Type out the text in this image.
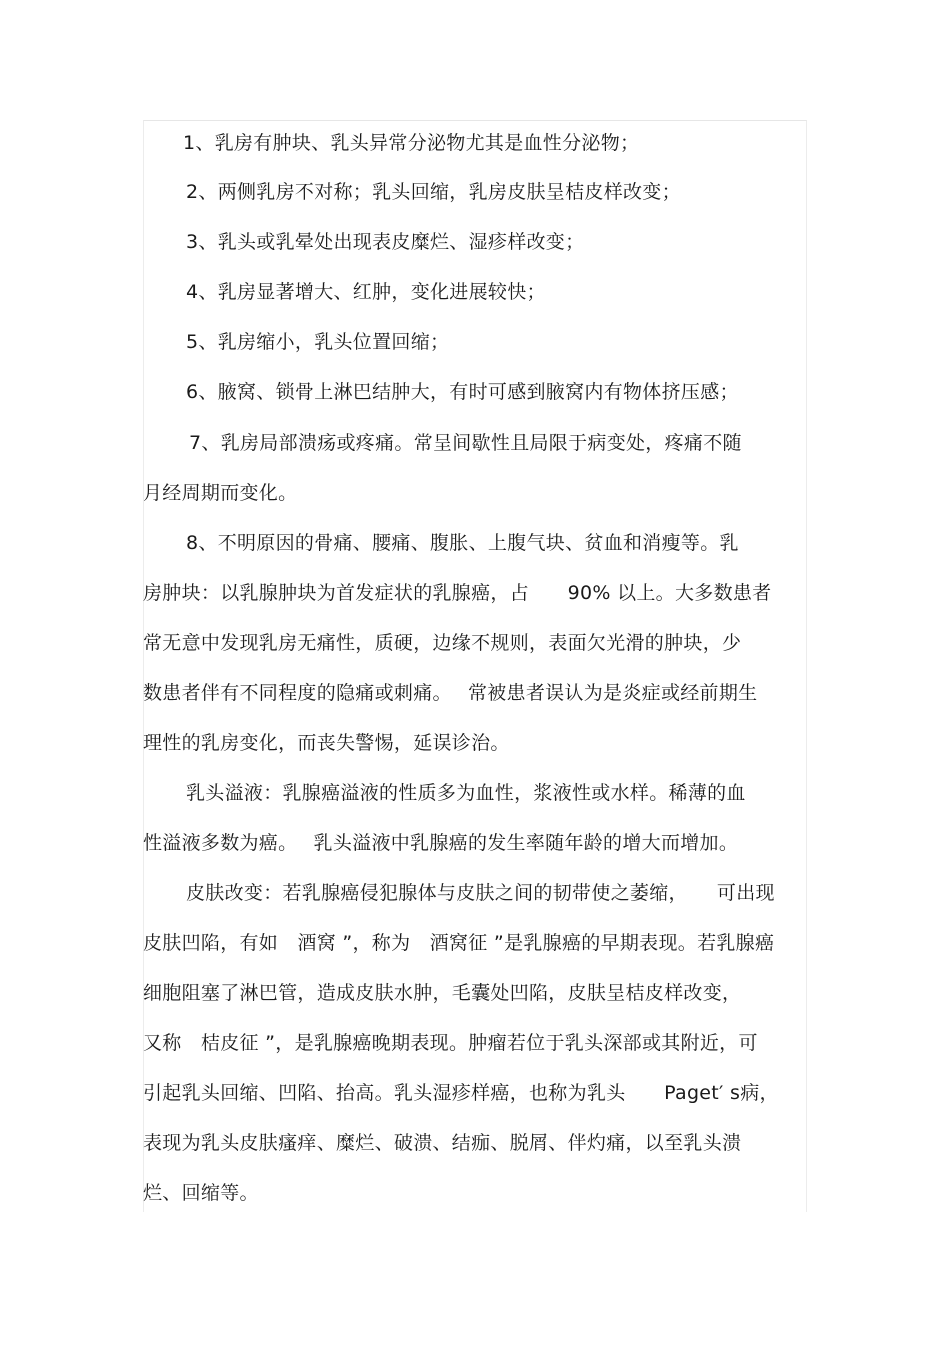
1、乳房有肿块、乳头异常分泌物尤其是血性分泌物；
2、两侧乳房不对称；乳头回缩，乳房皮肤呈桔皮样改变；
3、乳头或乳晕处出现表皮糜烂、湿疹样改变；
4、乳房显著增大、红肿，变化进展较快；
5、乳房缩小，乳头位置回缩；
6、腋窝、锁骨上淋巴结肿大，有时可感到腋窝内有物体挤压感；
7、乳房局部溃疡或疼痛。常呈间歇性且局限于病变处，疼痛不随
月经周期而变化。
8、不明原因的骨痛、腰痛、腹胀、上腹气块、贫血和消瘦等。乳
房肿块：以乳腺肿块为首发症状的乳腺癌，占　　90% 以上。大多数患者
常无意中发现乳房无痛性，质硬，边缘不规则，表面欠光滑的肿块，少
数患者伴有不同程度的隐痛或刺痛。　 常被患者误认为是炎症或经前期生
理性的乳房变化，而丧失警惕，延误诊治。
乳头溢液：乳腺癌溢液的性质多为血性，浆液性或水样。稀薄的血
性溢液多数为癌。　 乳头溢液中乳腺癌的发生率随年龄的增大而增加。
皮肤改变：若乳腺癌侵犯腺体与皮肤之间的韧带使之萎缩，　　可出现
皮肤凹陷，有如　酒窝 ”，称为　酒窝征 ”是乳腺癌的早期表现。若乳腺癌
细胞阻塞了淋巴管，造成皮肤水肿，毛囊处凹陷，皮肤呈桔皮样改变，
又称　桔皮征 ”，是乳腺癌晚期表现。肿瘤若位于乳头深部或其附近，可
引起乳头回缩、凹陷、抬高。乳头湿疹样癌，也称为乳头　　Paget′ s病，
表现为乳头皮肤瘙痒、糜烂、破溃、结痂、脱屑、伴灼痛，以至乳头溃
烂、回缩等。
